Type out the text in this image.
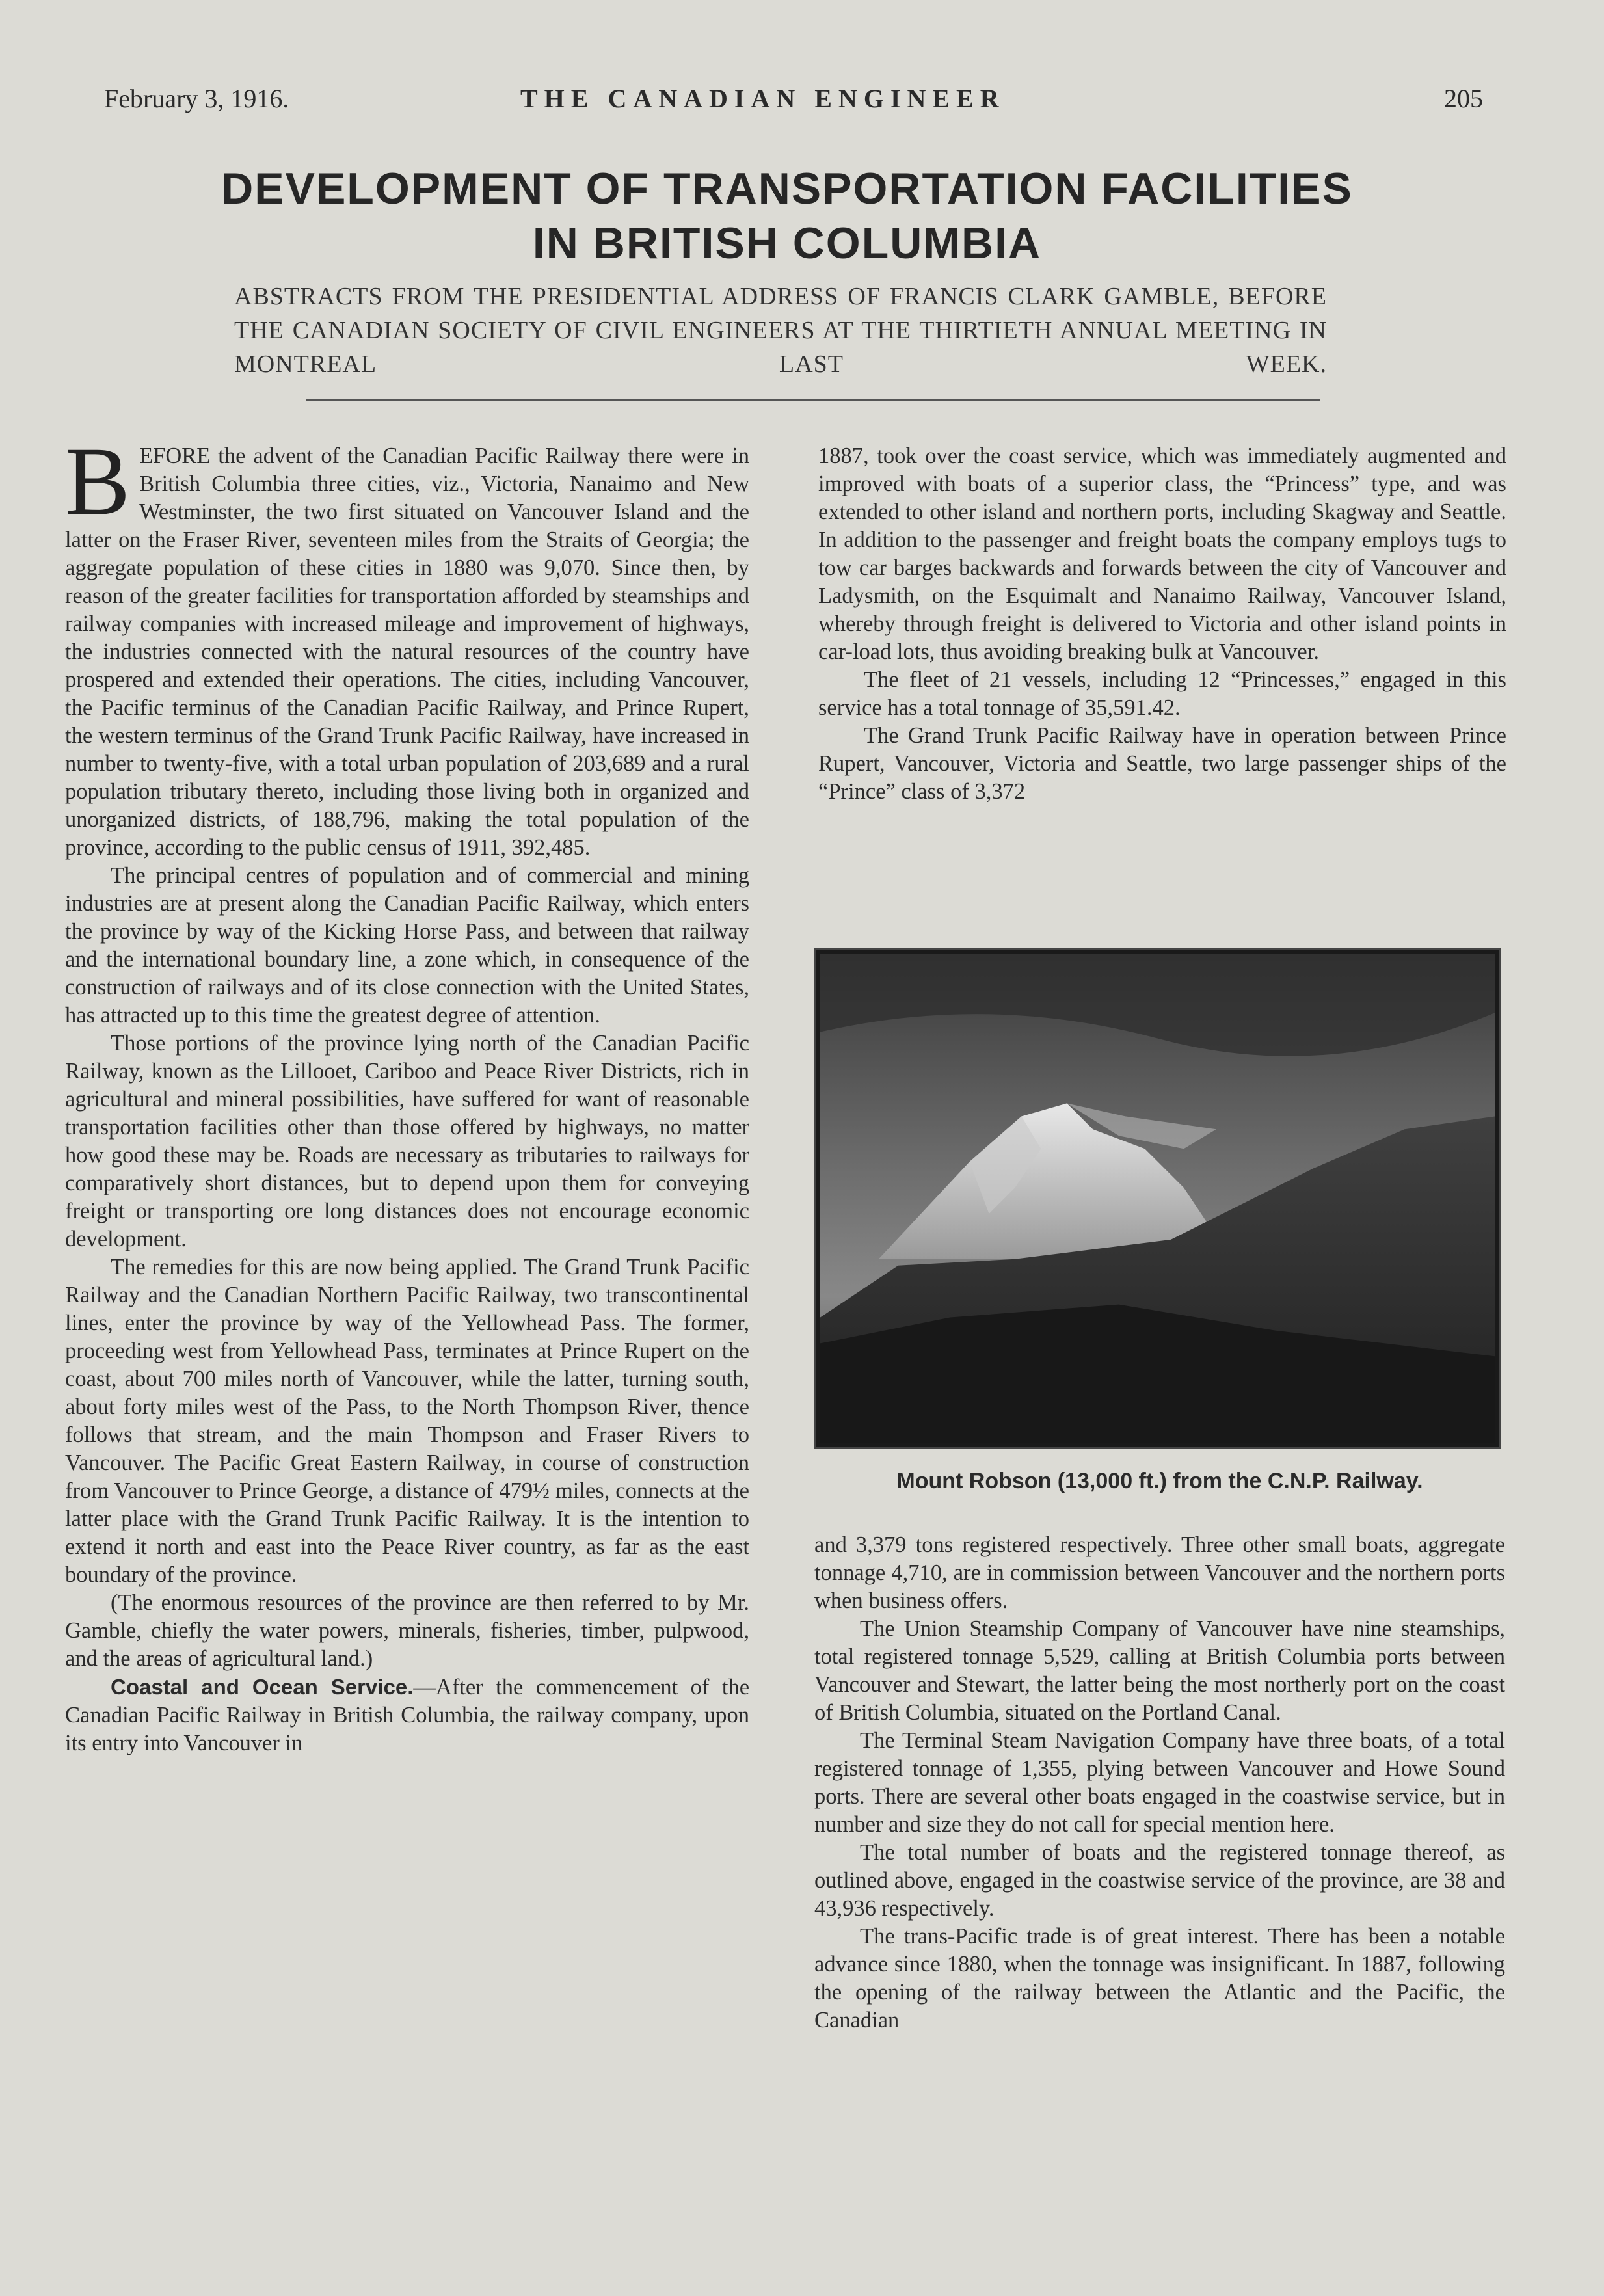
February 3, 1916.	THE CANADIAN ENGINEER	205
DEVELOPMENT OF TRANSPORTATION FACILITIES
IN BRITISH COLUMBIA
ABSTRACTS FROM THE PRESIDENTIAL ADDRESS OF FRANCIS CLARK GAMBLE, BEFORE THE CANADIAN SOCIETY OF CIVIL ENGINEERS AT THE THIRTIETH ANNUAL MEETING IN MONTREAL LAST WEEK.

BEFORE the advent of the Canadian Pacific Railway there were in British Columbia three cities, viz., Victoria, Nanaimo and New Westminster, the two first situated on Vancouver Island and the latter on the Fraser River, seventeen miles from the Straits of Georgia; the aggregate population of these cities in 1880 was 9,070. Since then, by reason of the greater facilities for transportation afforded by steamships and railway companies with increased mileage and improvement of highways, the industries connected with the natural resources of the country have prospered and extended their operations. The cities, including Vancouver, the Pacific terminus of the Canadian Pacific Railway, and Prince Rupert, the western terminus of the Grand Trunk Pacific Railway, have increased in number to twenty-five, with a total urban population of 203,689 and a rural population tributary thereto, including those living both in organized and unorganized districts, of 188,796, making the total population of the province, according to the public census of 1911, 392,485.

The principal centres of population and of commercial and mining industries are at present along the Canadian Pacific Railway, which enters the province by way of the Kicking Horse Pass, and between that railway and the international boundary line, a zone which, in consequence of the construction of railways and of its close connection with the United States, has attracted up to this time the greatest degree of attention.

Those portions of the province lying north of the Canadian Pacific Railway, known as the Lillooet, Cariboo and Peace River Districts, rich in agricultural and mineral possibilities, have suffered for want of reasonable transportation facilities other than those offered by highways, no matter how good these may be. Roads are necessary as tributaries to railways for comparatively short distances, but to depend upon them for conveying freight or transporting ore long distances does not encourage economic development.

The remedies for this are now being applied. The Grand Trunk Pacific Railway and the Canadian Northern Pacific Railway, two transcontinental lines, enter the province by way of the Yellowhead Pass. The former, proceeding west from Yellowhead Pass, terminates at Prince Rupert on the coast, about 700 miles north of Vancouver, while the latter, turning south, about forty miles west of the Pass, to the North Thompson River, thence follows that stream, and the main Thompson and Fraser Rivers to Vancouver. The Pacific Great Eastern Railway, in course of construction from Vancouver to Prince George, a distance of 479½ miles, connects at the latter place with the Grand Trunk Pacific Railway. It is the intention to extend it north and east into the Peace River country, as far as the east boundary of the province.

(The enormous resources of the province are then referred to by Mr. Gamble, chiefly the water powers, minerals, fisheries, timber, pulpwood, and the areas of agricultural land.)

Coastal and Ocean Service.—After the commencement of the Canadian Pacific Railway in British Columbia, the railway company, upon its entry into Vancouver in

1887, took over the coast service, which was immediately augmented and improved with boats of a superior class, the “Princess” type, and was extended to other island and northern ports, including Skagway and Seattle. In addition to the passenger and freight boats the company employs tugs to tow car barges backwards and forwards between the city of Vancouver and Ladysmith, on the Esquimalt and Nanaimo Railway, Vancouver Island, whereby through freight is delivered to Victoria and other island points in car-load lots, thus avoiding breaking bulk at Vancouver.

The fleet of 21 vessels, including 12 “Princesses,” engaged in this service has a total tonnage of 35,591.42.

The Grand Trunk Pacific Railway have in operation between Prince Rupert, Vancouver, Victoria and Seattle, two large passenger ships of the “Prince” class of 3,372

Mount Robson (13,000 ft.) from the C.N.P. Railway.

and 3,379 tons registered respectively. Three other small boats, aggregate tonnage 4,710, are in commission between Vancouver and the northern ports when business offers.

The Union Steamship Company of Vancouver have nine steamships, total registered tonnage 5,529, calling at British Columbia ports between Vancouver and Stewart, the latter being the most northerly port on the coast of British Columbia, situated on the Portland Canal.

The Terminal Steam Navigation Company have three boats, of a total registered tonnage of 1,355, plying between Vancouver and Howe Sound ports. There are several other boats engaged in the coastwise service, but in number and size they do not call for special mention here.

The total number of boats and the registered tonnage thereof, as outlined above, engaged in the coastwise service of the province, are 38 and 43,936 respectively.

The trans-Pacific trade is of great interest. There has been a notable advance since 1880, when the tonnage was insignificant. In 1887, following the opening of the railway between the Atlantic and the Pacific, the Canadian
